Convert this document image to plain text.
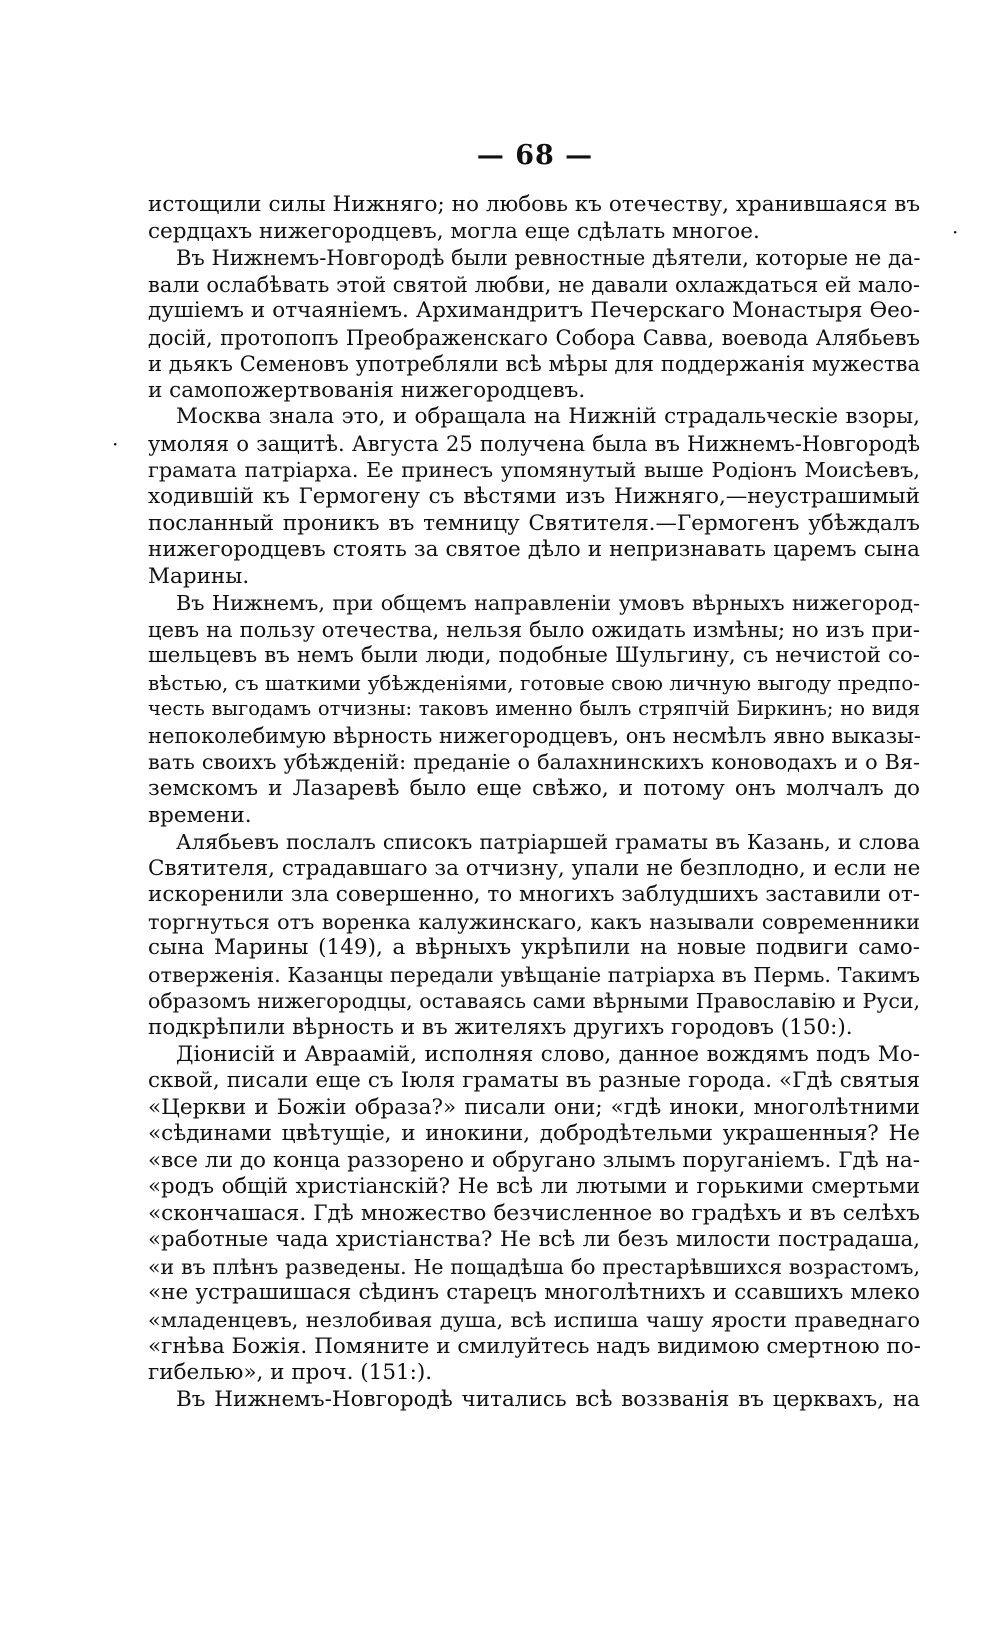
— 68 —
истощили силы Нижняго; но любовь къ отечеству, хранившаяся въ
сердцахъ нижегородцевъ, могла еще сдѣлать многое.
Въ Нижнемъ-Новгородѣ были ревностные дѣятели, которые не да-
вали ослабѣвать этой святой любви, не давали охлаждаться ей мало-
душіемъ и отчаяніемъ. Архимандритъ Печерскаго Монастыря Ѳео-
досій, протопопъ Преображенскаго Собора Савва, воевода Алябьевъ
и дьякъ Семеновъ употребляли всѣ мѣры для поддержанія мужества
и самопожертвованія нижегородцевъ.
Москва знала это, и обращала на Нижній страдальческіе взоры,
умоляя о защитѣ. Августа 25 получена была въ Нижнемъ-Новгородѣ
грамата патріарха. Ее принесъ упомянутый выше Родіонъ Моисѣевъ,
ходившій къ Гермогену съ вѣстями изъ Нижняго,—неустрашимый
посланный проникъ въ темницу Святителя.—Гермогенъ убѣждалъ
нижегородцевъ стоять за святое дѣло и непризнавать царемъ сына
Марины.
Въ Нижнемъ, при общемъ направленіи умовъ вѣрныхъ нижегород-
цевъ на пользу отечества, нельзя было ожидать измѣны; но изъ при-
шельцевъ въ немъ были люди, подобные Шульгину, съ нечистой со-
вѣстью, съ шаткими убѣжденіями, готовые свою личную выгоду предпо-
честь выгодамъ отчизны: таковъ именно былъ стряпчій Биркинъ; но видя
непоколебимую вѣрность нижегородцевъ, онъ несмѣлъ явно выказы-
вать своихъ убѣжденій: преданіе о балахнинскихъ коноводахъ и о Вя-
земскомъ и Лазаревѣ было еще свѣжо, и потому онъ молчалъ до
времени.
Алябьевъ послалъ списокъ патріаршей граматы въ Казань, и слова
Святителя, страдавшаго за отчизну, упали не безплодно, и если не
искоренили зла совершенно, то многихъ заблудшихъ заставили от-
торгнуться отъ воренка калужинскаго, какъ называли современники
сына Марины (149), а вѣрныхъ укрѣпили на новые подвиги само-
отверженія. Казанцы передали увѣщаніе патріарха въ Пермь. Такимъ
образомъ нижегородцы, оставаясь сами вѣрными Православію и Руси,
подкрѣпили вѣрность и въ жителяхъ другихъ городовъ (150:).
Діонисій и Авраамій, исполняя слово, данное вождямъ подъ Мо-
сквой, писали еще съ Іюля граматы въ разные города. «Гдѣ святыя
«Церкви и Божіи образа?» писали они; «гдѣ иноки, многолѣтними
«сѣдинами цвѣтущіе, и инокини, добродѣтельми украшенныя? Не
«все ли до конца раззорено и обругано злымъ поруганіемъ. Гдѣ на-
«родъ общій христіанскій? Не всѣ ли лютыми и горькими смертьми
«скончашася. Гдѣ множество безчисленное во градѣхъ и въ селѣхъ
«работные чада христіанства? Не всѣ ли безъ милости пострадаша,
«и въ плѣнъ разведены. Не пощадѣша бо престарѣвшихся возрастомъ,
«не устрашишася сѣдинъ старецъ многолѣтнихъ и ссавшихъ млеко
«младенцевъ, незлобивая душа, всѣ испиша чашу ярости праведнаго
«гнѣва Божія. Помяните и смилуйтесь надъ видимою смертною по-
гибелью», и проч. (151:).
Въ Нижнемъ-Новгородѣ читались всѣ воззванія въ церквахъ, на
·
·
